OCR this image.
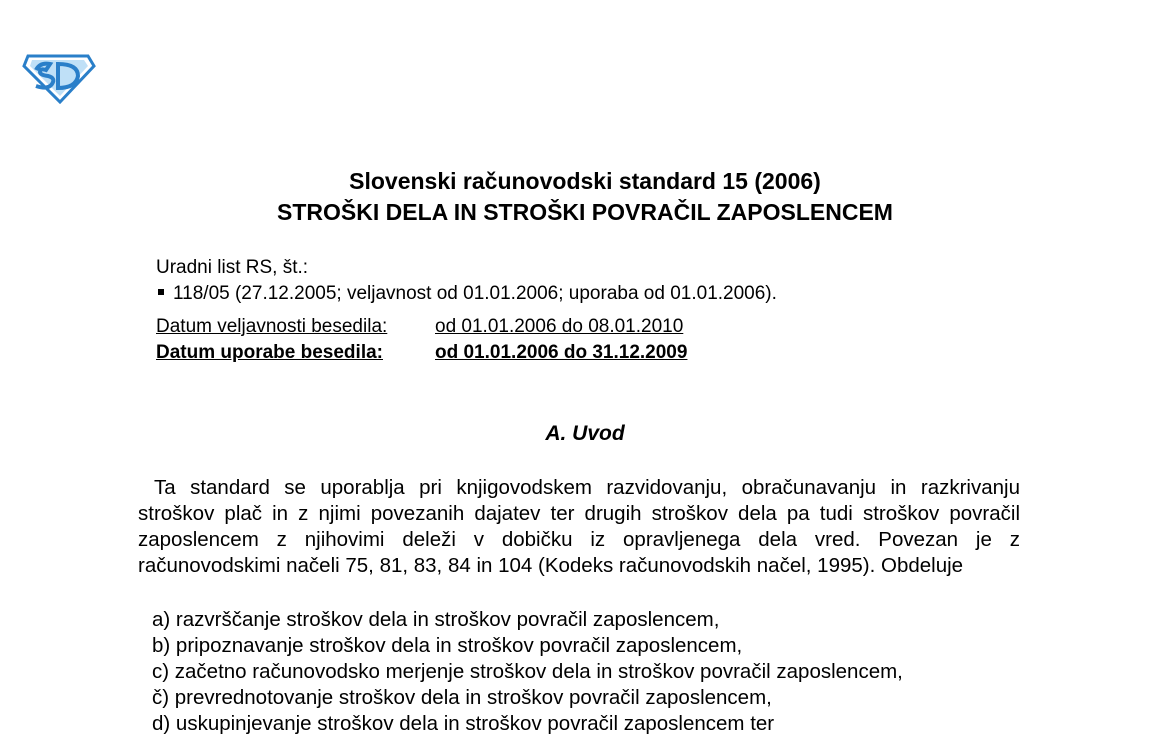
Slovenski računovodski standard 15 (2006)
STROŠKI DELA IN STROŠKI POVRAČIL ZAPOSLENCEM
Uradni list RS, št.:
118/05 (27.12.2005; veljavnost od 01.01.2006; uporaba od 01.01.2006).
Datum veljavnosti besedila:	od 01.01.2006 do 08.01.2010
Datum uporabe besedila:	od 01.01.2006 do 31.12.2009
A. Uvod
Ta standard se uporablja pri knjigovodskem razvidovanju, obračunavanju in razkrivanju stroškov plač in z njimi povezanih dajatev ter drugih stroškov dela pa tudi stroškov povračil zaposlencem z njihovimi deleži v dobičku iz opravljenega dela vred. Povezan je z računovodskimi načeli 75, 81, 83, 84 in 104 (Kodeks računovodskih načel, 1995). Obdeluje
a) razvrščanje stroškov dela in stroškov povračil zaposlencem,
b) pripoznavanje stroškov dela in stroškov povračil zaposlencem,
c) začetno računovodsko merjenje stroškov dela in stroškov povračil zaposlencem,
č) prevrednotovanje stroškov dela in stroškov povračil zaposlencem,
d) uskupinjevanje stroškov dela in stroškov povračil zaposlencem ter
